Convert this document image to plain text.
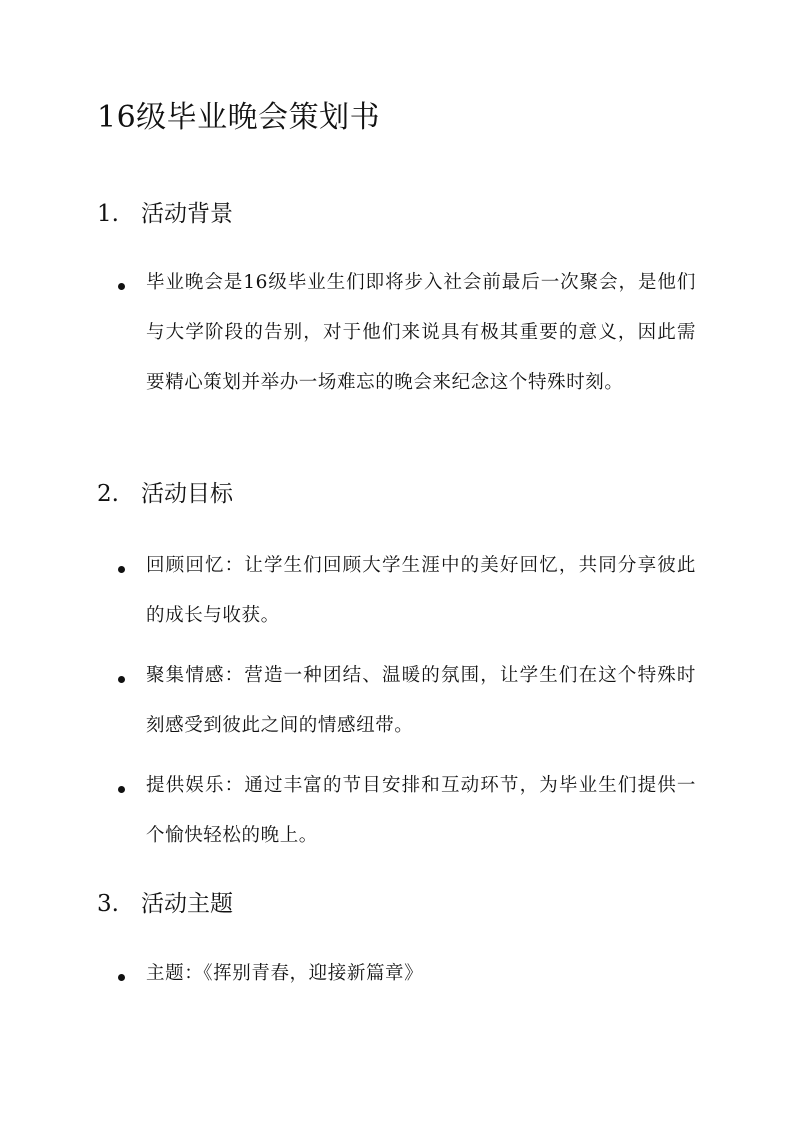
16级毕业晚会策划书
1. 活动背景

毕业晚会是16级毕业生们即将步入社会前最后一次聚会，是他们与大学阶段的告别，对于他们来说具有极其重要的意义，因此需要精心策划并举办一场难忘的晚会来纪念这个特殊时刻。

2. 活动目标

回顾回忆：让学生们回顾大学生涯中的美好回忆，共同分享彼此的成长与收获。

聚集情感：营造一种团结、温暖的氛围，让学生们在这个特殊时刻感受到彼此之间的情感纽带。

提供娱乐：通过丰富的节目安排和互动环节，为毕业生们提供一个愉快轻松的晚上。

3. 活动主题

主题：《挥别青春，迎接新篇章》
